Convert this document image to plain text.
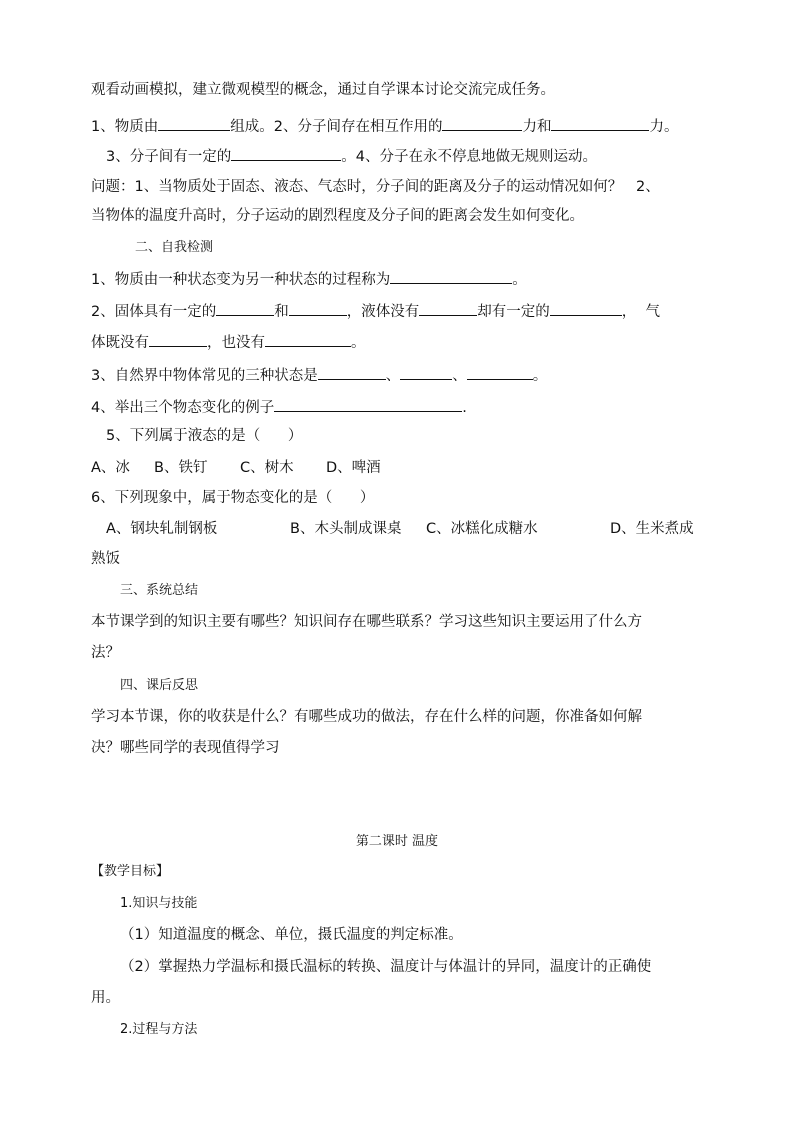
观看动画模拟，建立微观模型的概念，通过自学课本讨论交流完成任务。
1、物质由	组成。2、分子间存在相互作用的	力和	力。
3、分子间有一定的	。4、分子在永不停息地做无规则运动。
问题：1、当物质处于固态、液态、气态时，分子间的距离及分子的运动情况如何？   2、
当物体的温度升高时，分子运动的剧烈程度及分子间的距离会发生如何变化。
二、自我检测
1、物质由一种状态变为另一种状态的过程称为	。
2、固体具有一定的	和	，液体没有	却有一定的	，  气
体既没有	，也没有	。
3、自然界中物体常见的三种状态是	、	、	。
4、举出三个物态变化的例子	.
5、下列属于液态的是（      ）
A、冰 B、铁钉 C、树木 D、啤酒
6、下列现象中，属于物态变化的是（      ）
A、钢块轧制钢板	B、木头制成课桌 C、冰糕化成糖水	D、生米煮成
熟饭
三、系统总结
本节课学到的知识主要有哪些？知识间存在哪些联系？学习这些知识主要运用了什么方
法？
四、课后反思
学习本节课，你的收获是什么？有哪些成功的做法，存在什么样的问题，你准备如何解
决？哪些同学的表现值得学习
第二课时 温度
【教学目标】
1.知识与技能
（1）知道温度的概念、单位，摄氏温度的判定标准。
（2）掌握热力学温标和摄氏温标的转换、温度计与体温计的异同，温度计的正确使
用。
2.过程与方法
